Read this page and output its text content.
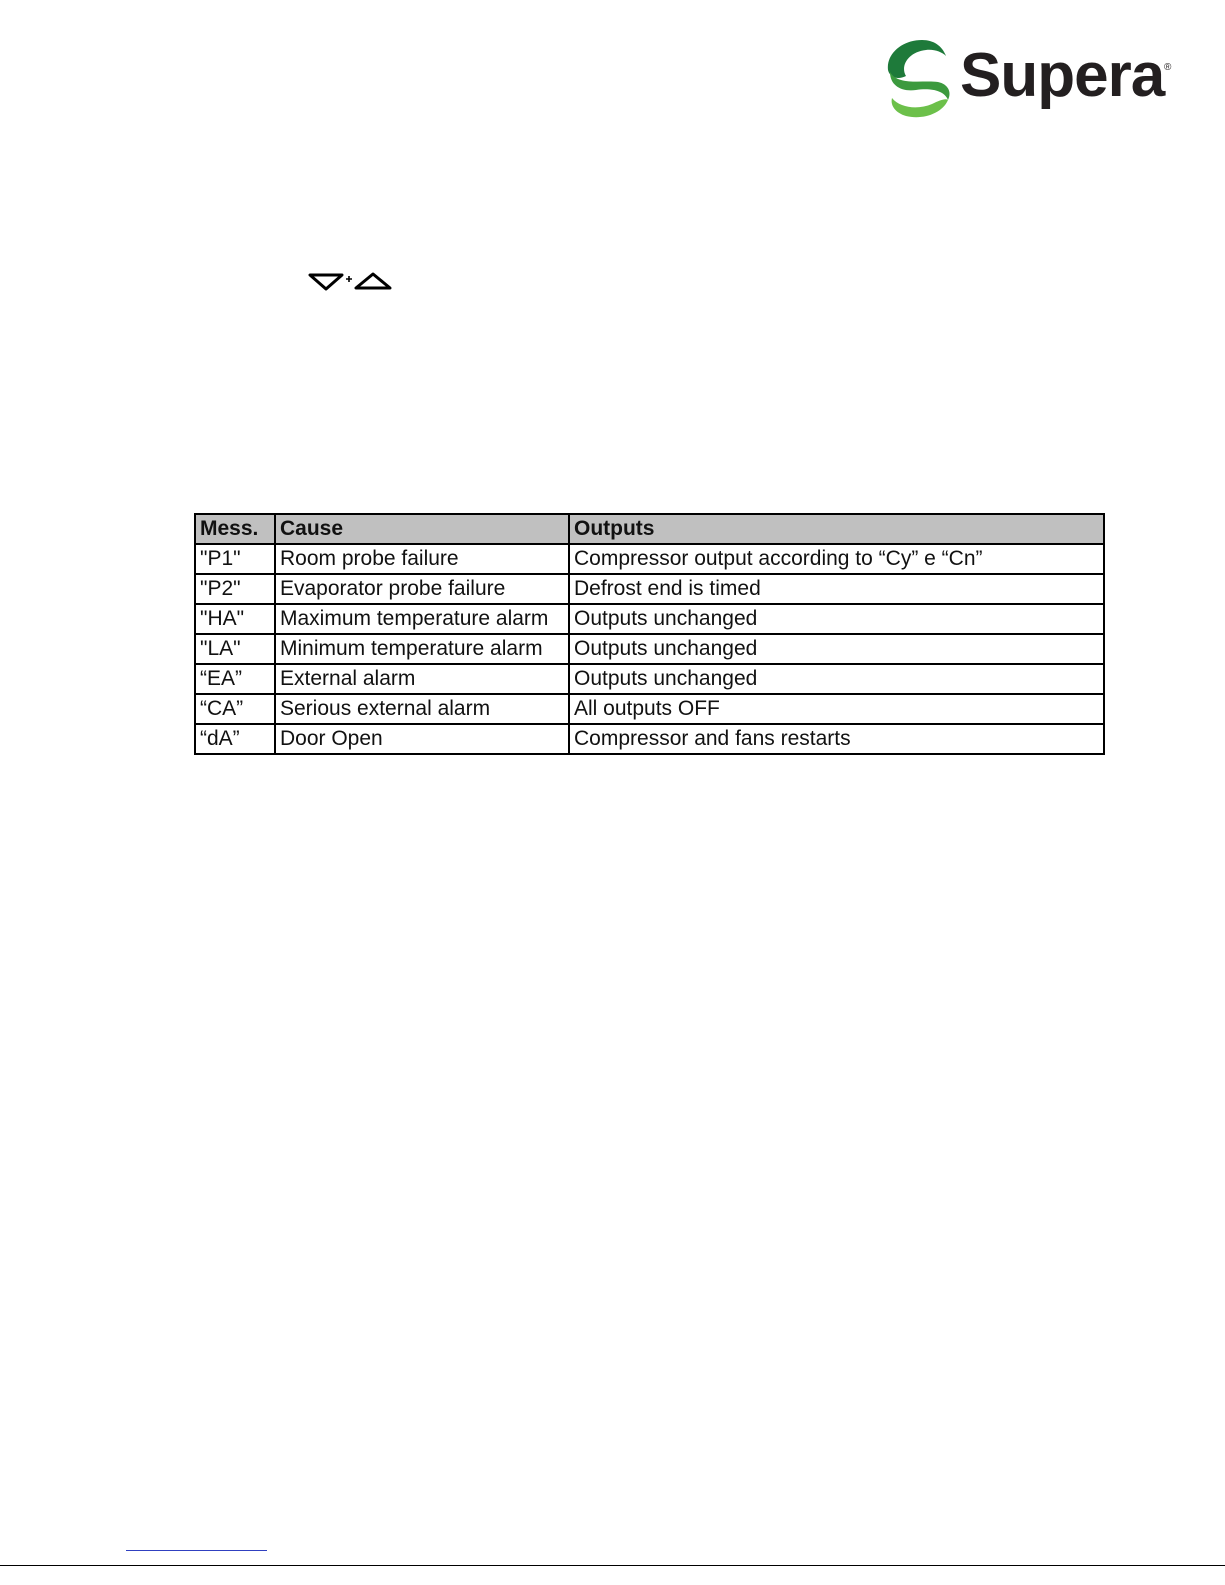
Supera ®
Mess.	Cause	Outputs
"P1"	Room probe failure	Compressor output according to “Cy” e “Cn”
"P2"	Evaporator probe failure	Defrost end is timed
"HA"	Maximum temperature alarm	Outputs unchanged
"LA"	Minimum temperature alarm	Outputs unchanged
“EA”	External alarm	Outputs unchanged
“CA”	Serious external alarm	All outputs OFF
“dA”	Door Open	Compressor and fans restarts
